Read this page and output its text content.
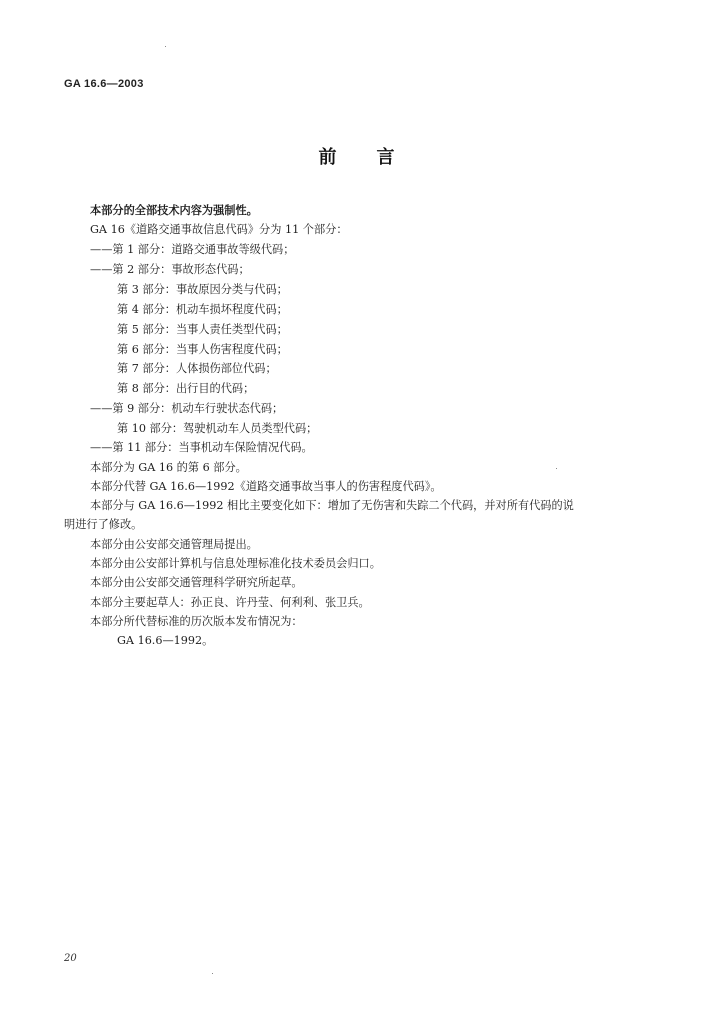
GA 16.6—2003
前 言
本部分的全部技术内容为强制性。
GA 16《道路交通事故信息代码》分为 11 个部分：
——第 1 部分：道路交通事故等级代码；
——第 2 部分：事故形态代码；
第 3 部分：事故原因分类与代码；
第 4 部分：机动车损坏程度代码；
第 5 部分：当事人责任类型代码；
第 6 部分：当事人伤害程度代码；
第 7 部分：人体损伤部位代码；
第 8 部分：出行目的代码；
——第 9 部分：机动车行驶状态代码；
第 10 部分：驾驶机动车人员类型代码；
——第 11 部分：当事机动车保险情况代码。
本部分为 GA 16 的第 6 部分。
本部分代替 GA 16.6—1992《道路交通事故当事人的伤害程度代码》。
本部分与 GA 16.6—1992 相比主要变化如下：增加了无伤害和失踪二个代码，并对所有代码的说
明进行了修改。
本部分由公安部交通管理局提出。
本部分由公安部计算机与信息处理标准化技术委员会归口。
本部分由公安部交通管理科学研究所起草。
本部分主要起草人：孙正良、许丹莹、何利利、张卫兵。
本部分所代替标准的历次版本发布情况为：
GA 16.6—1992。
20
